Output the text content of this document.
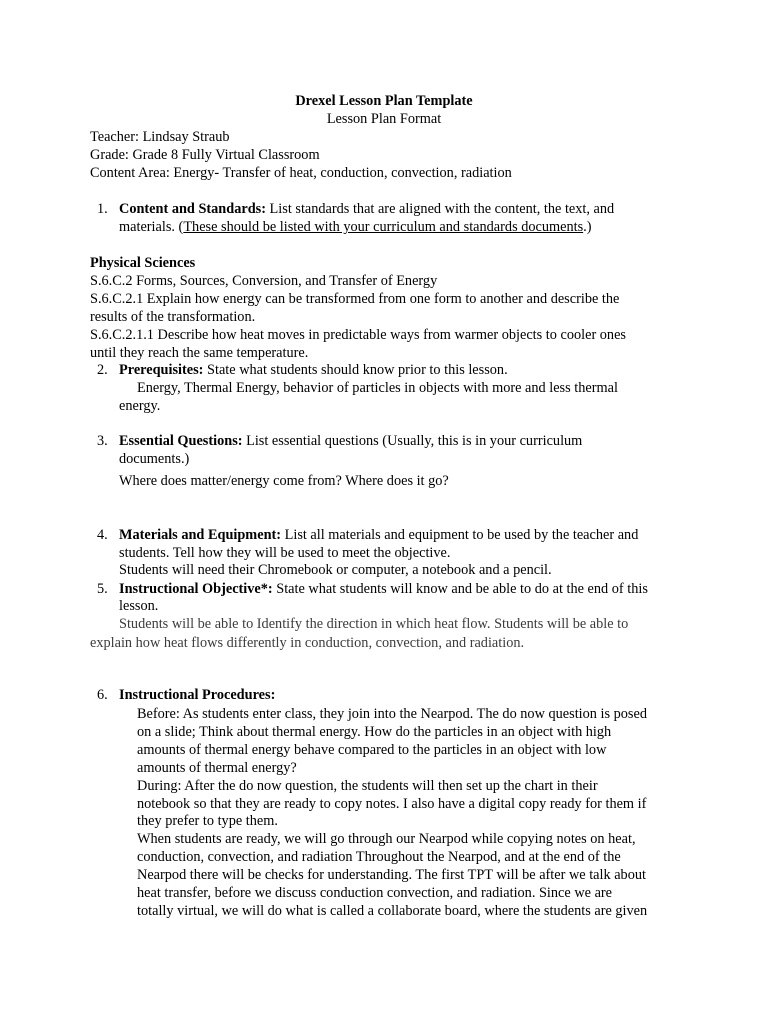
Drexel Lesson Plan Template
Lesson Plan Format
Teacher: Lindsay Straub
Grade: Grade 8 Fully Virtual Classroom
Content Area: Energy- Transfer of heat, conduction, convection, radiation
1. Content and Standards: List standards that are aligned with the content, the text, and
materials. (These should be listed with your curriculum and standards documents.)
Physical Sciences
S.6.C.2 Forms, Sources, Conversion, and Transfer of Energy
S.6.C.2.1 Explain how energy can be transformed from one form to another and describe the
results of the transformation.
S.6.C.2.1.1 Describe how heat moves in predictable ways from warmer objects to cooler ones
until they reach the same temperature.
2. Prerequisites: State what students should know prior to this lesson.
Energy, Thermal Energy, behavior of particles in objects with more and less thermal
energy.
3. Essential Questions: List essential questions (Usually, this is in your curriculum
documents.)
Where does matter/energy come from? Where does it go?
4. Materials and Equipment: List all materials and equipment to be used by the teacher and
students. Tell how they will be used to meet the objective.
Students will need their Chromebook or computer, a notebook and a pencil.
5. Instructional Objective*: State what students will know and be able to do at the end of this
lesson.
Students will be able to Identify the direction in which heat flow. Students will be able to
explain how heat flows differently in conduction, convection, and radiation.
6. Instructional Procedures:
Before: As students enter class, they join into the Nearpod. The do now question is posed
on a slide; Think about thermal energy. How do the particles in an object with high
amounts of thermal energy behave compared to the particles in an object with low
amounts of thermal energy?
During: After the do now question, the students will then set up the chart in their
notebook so that they are ready to copy notes. I also have a digital copy ready for them if
they prefer to type them.
When students are ready, we will go through our Nearpod while copying notes on heat,
conduction, convection, and radiation Throughout the Nearpod, and at the end of the
Nearpod there will be checks for understanding. The first TPT will be after we talk about
heat transfer, before we discuss conduction convection, and radiation. Since we are
totally virtual, we will do what is called a collaborate board, where the students are given
